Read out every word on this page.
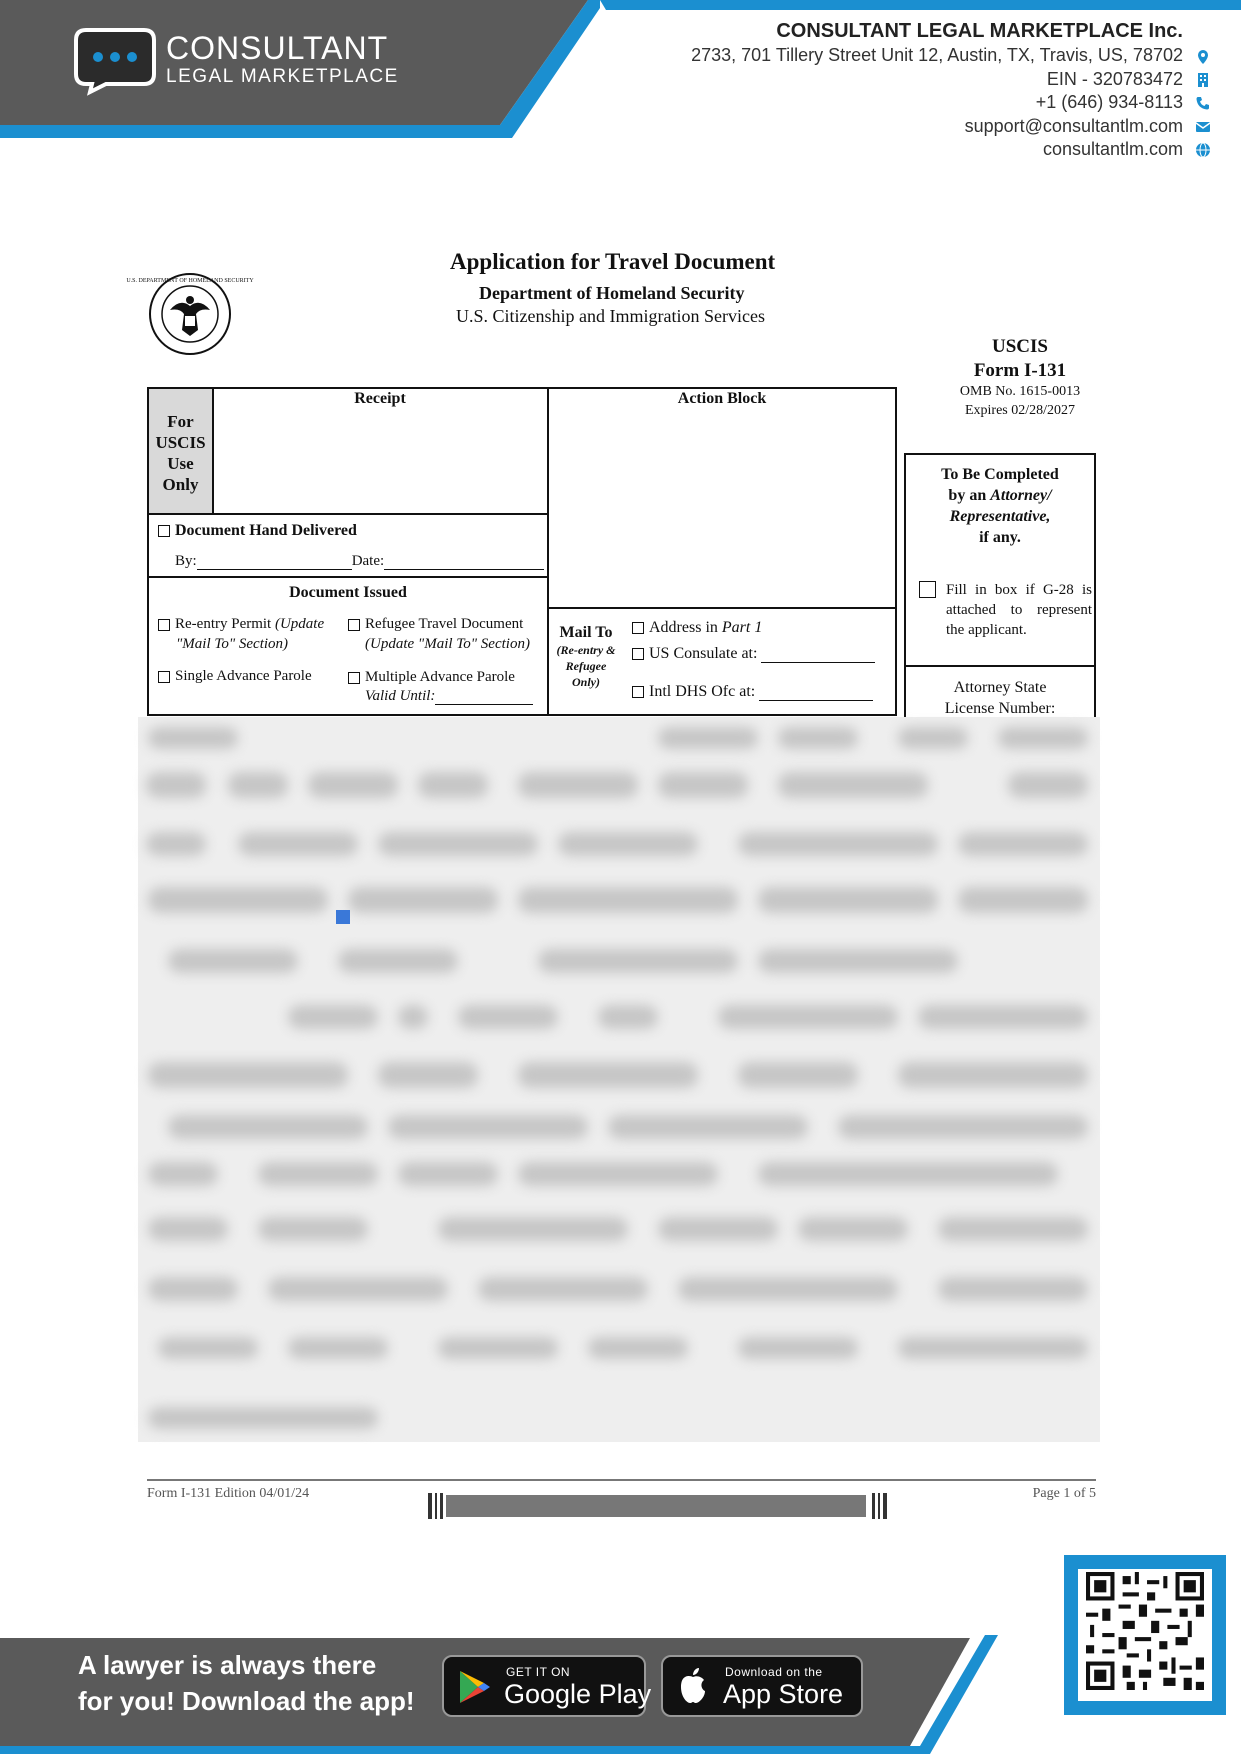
CONSULTANT
LEGAL MARKETPLACE
CONSULTANT LEGAL MARKETPLACE Inc.
2733, 701 Tillery Street Unit 12, Austin, TX, Travis, US, 78702
EIN - 320783472
+1 (646) 934-8113
support@consultantlm.com
consultantlm.com
U.S. DEPARTMENT OF HOMELAND SECURITY
Application for Travel Document
Department of Homeland Security
U.S. Citizenship and Immigration Services
USCIS
Form I-131
OMB No. 1615-0013
Expires 02/28/2027
For
USCIS
Use
Only
Receipt	Action Block
Document Hand Delivered
By:	Date:
Document Issued
Re-entry Permit (Update
"Mail To" Section)
Refugee Travel Document
(Update "Mail To" Section)
Single Advance Parole	Multiple Advance Parole
Valid Until:
Mail To
(Re-entry &
Refugee
Only)
Address in Part 1
US Consulate at:
Intl DHS Ofc at:
To Be Completed
by an Attorney/
Representative,
if any.
Fill in box if G-28 is attached to represent the applicant.
Attorney State
License Number:
Form I-131 Edition 04/01/24	Page 1 of 5
A lawyer is always there
for you! Download the app!
GET IT ON
Google Play
Download on the
App Store
